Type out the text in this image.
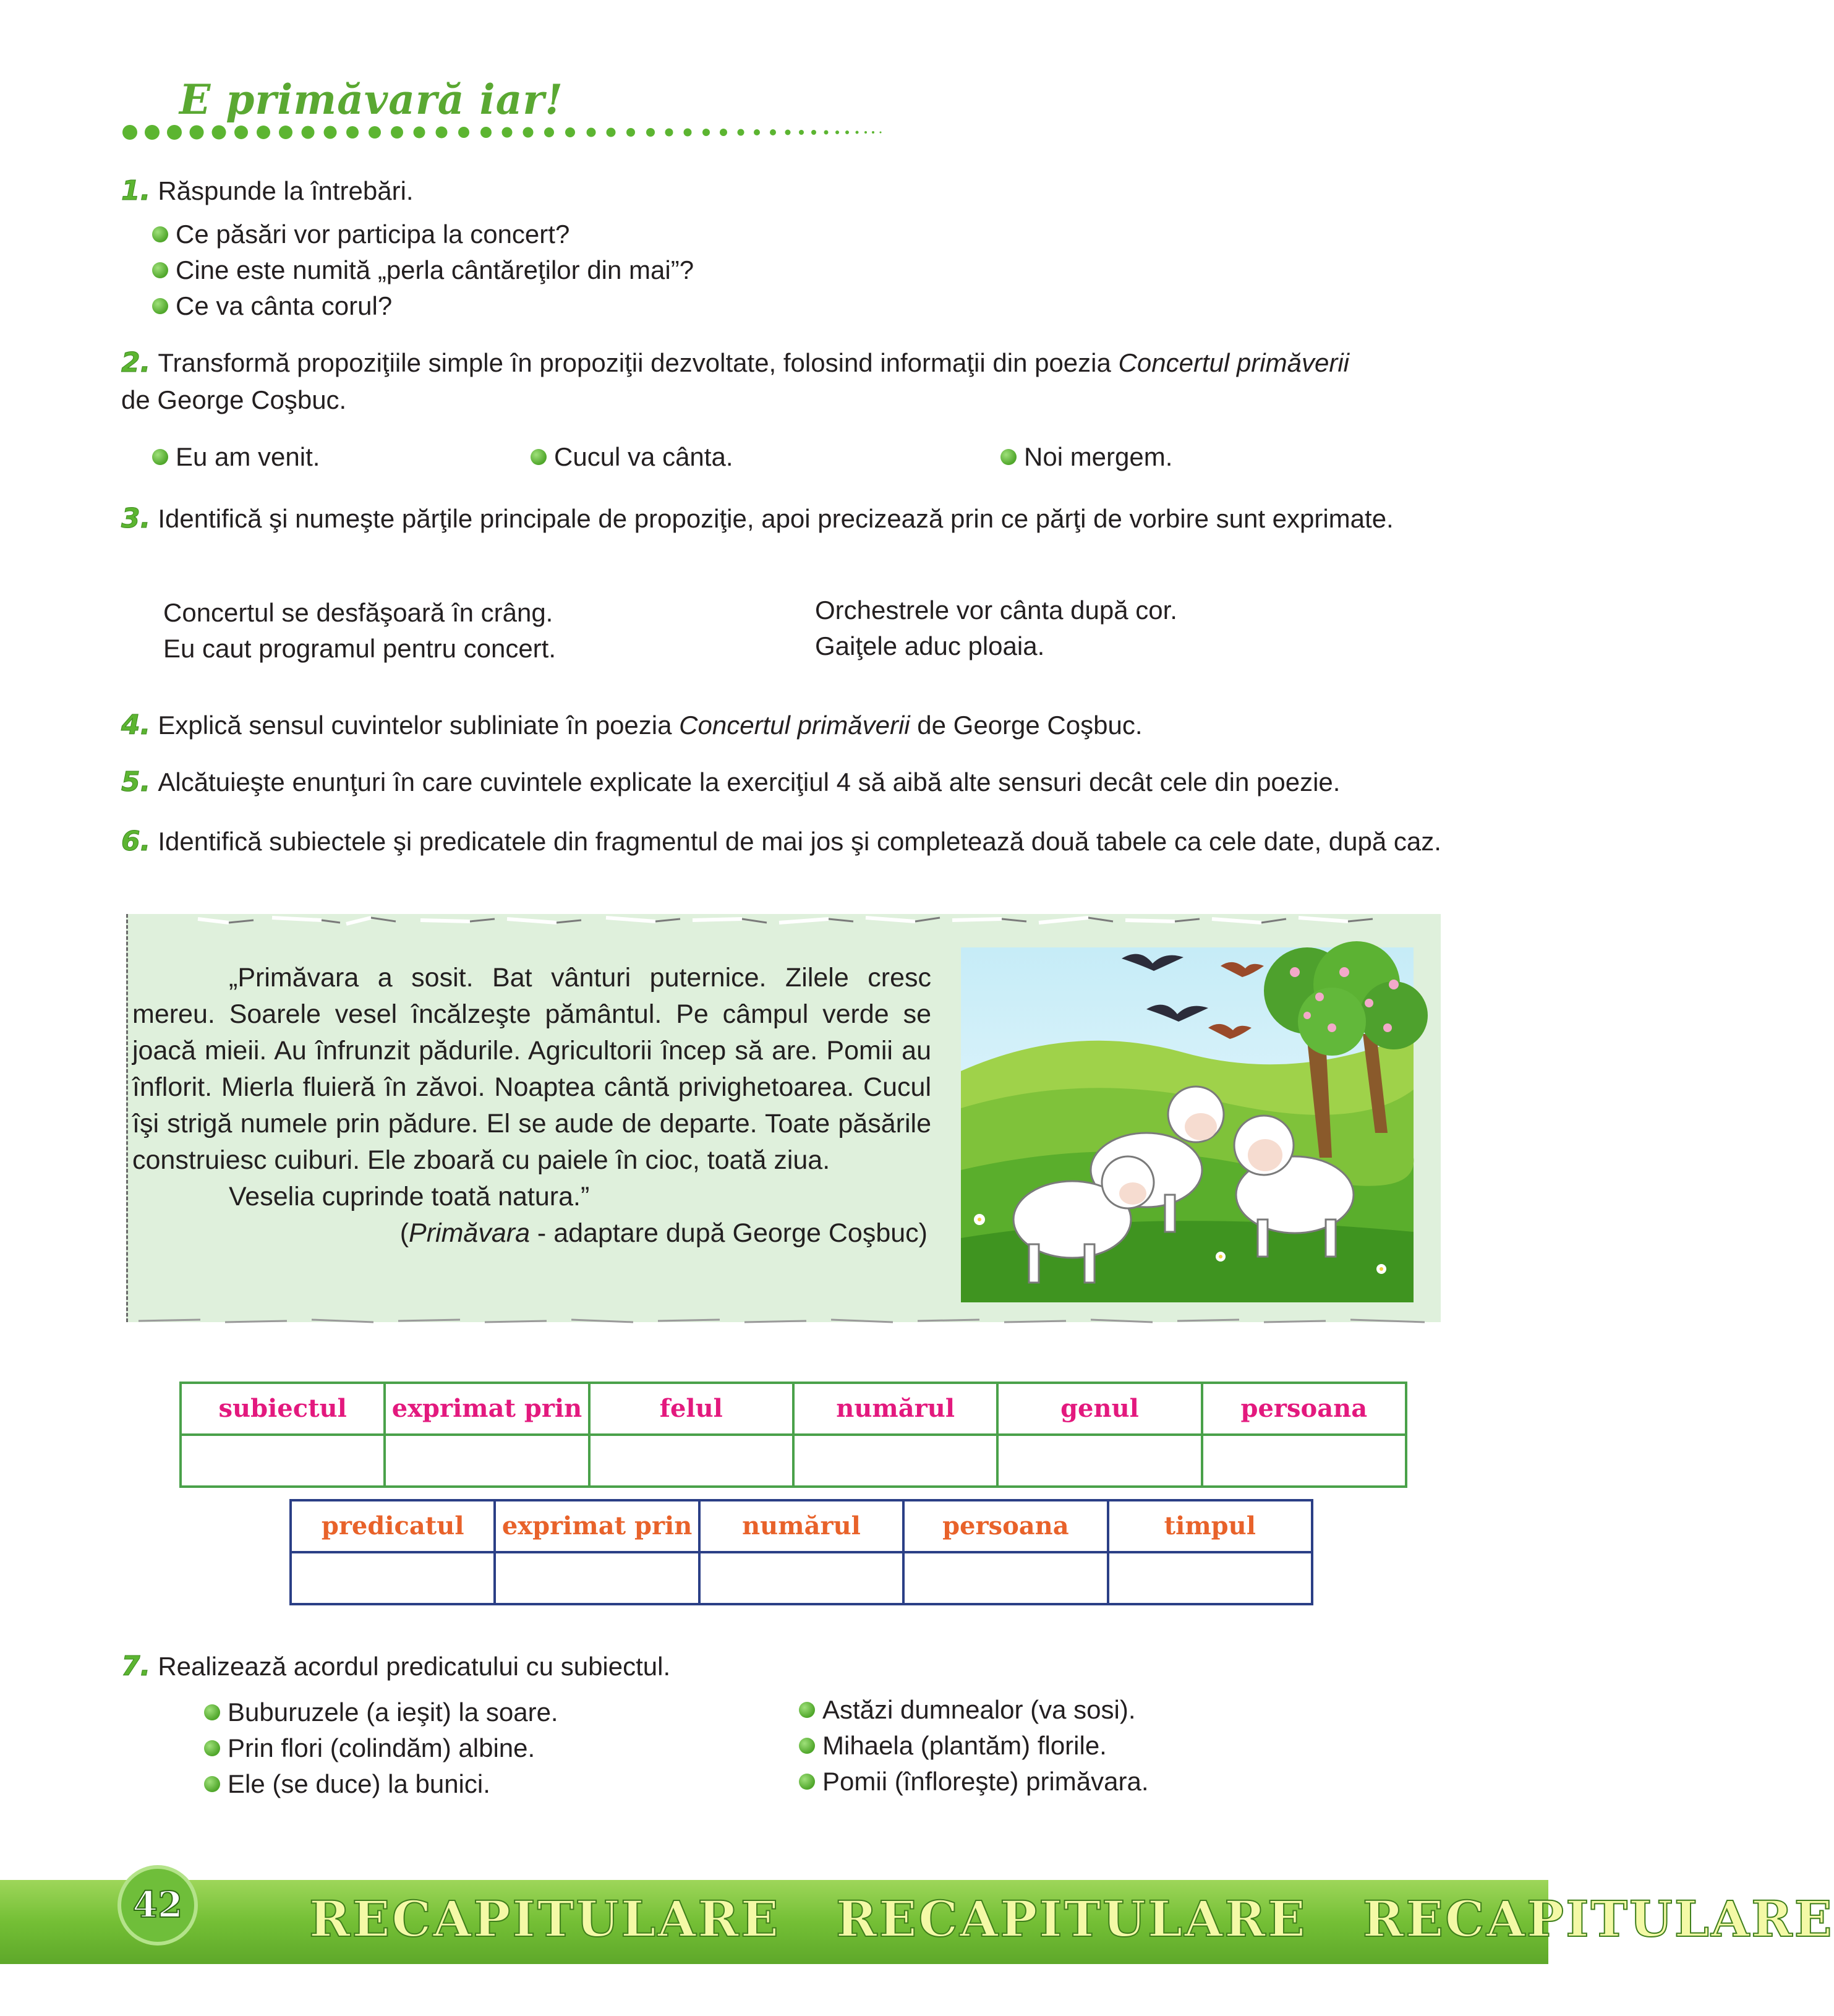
E primăvară iar!
1. Răspunde la întrebări.
Ce păsări vor participa la concert?
Cine este numită „perla cântăreţilor din mai”?
Ce va cânta corul?
2. Transformă propoziţiile simple în propoziţii dezvoltate, folosind informaţii din poezia Concertul primăverii
de George Coşbuc.
Eu am venit.	Cucul va cânta.	Noi mergem.
3. Identifică şi numeşte părţile principale de propoziţie, apoi precizează prin ce părţi de vorbire sunt exprimate.
Concertul se desfăşoară în crâng.
Eu caut programul pentru concert.
Orchestrele vor cânta după cor.
Gaiţele aduc ploaia.
4. Explică sensul cuvintelor subliniate în poezia Concertul primăverii de George Coşbuc.
5. Alcătuieşte enunţuri în care cuvintele explicate la exerciţiul 4 să aibă alte sensuri decât cele din poezie.
6. Identifică subiectele şi predicatele din fragmentul de mai jos şi completează două tabele ca cele date, după caz.

„Primăvara a sosit. Bat vânturi puternice. Zilele cresc mereu. Soarele vesel încălzeşte pământul. Pe câmpul verde se joacă mieii. Au înfrunzit pădurile. Agricultorii încep să are. Pomii au înflorit. Mierla fluieră în zăvoi. Noaptea cântă privighetoarea. Cucul îşi strigă numele prin pădure. El se aude de departe. Toate păsările construiesc cuiburi. Ele zboară cu paiele în cioc, toată ziua.

Veselia cuprinde toată natura.”

(Primăvara - adaptare după George Coşbuc)

subiectul	exprimat prin	felul	numărul	genul	persoana

predicatul	exprimat prin	numărul	persoana	timpul

7. Realizează acordul predicatului cu subiectul.
Buburuzele (a ieşit) la soare.
Prin flori (colindăm) albine.
Ele (se duce) la bunici.
Astăzi dumnealor (va sosi).
Mihaela (plantăm) florile.
Pomii (înfloreşte) primăvara.
42	RECAPITULARE RECAPITULARE RECAPITULARE
